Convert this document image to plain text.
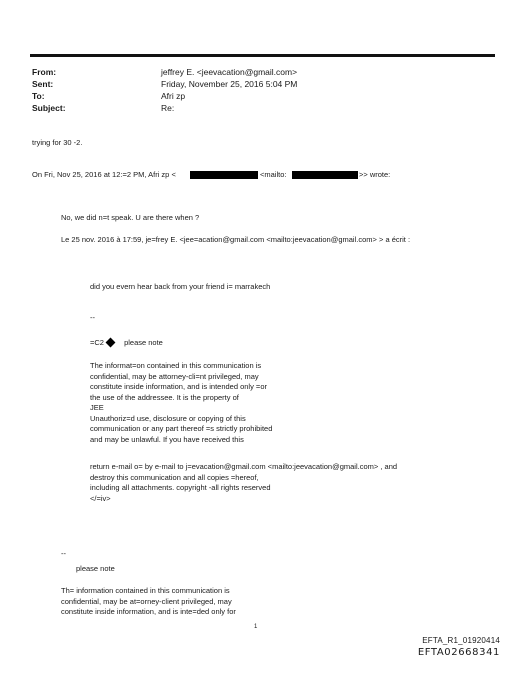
From:	jeffrey E. <jeevacation@gmail.com>
Sent:	Friday, November 25, 2016 5:04 PM
To:	Afri zp
Subject:	Re:
trying for 30 -2.
On Fri, Nov 25, 2016 at 12:=2 PM, Afri zp <	<mailto:	>> wrote:
No, we did n=t speak. U are there when ?
Le 25 nov. 2016 à 17:59, je=frey E. <jee=acation@gmail.com <mailto:jeevacation@gmail.com> > a écrit :
did you evern hear back from your friend i= marrakech
--
=C2	please note
The informat=on contained in this communication is
confidential, may be attorney-cli=nt privileged, may
constitute inside information, and is intended only =or
the use of the addressee. It is the property of
JEE
Unauthoriz=d use, disclosure or copying of this
communication or any part thereof =s strictly prohibited
and may be unlawful. If you have received this
return e-mail o= by e-mail to j=evacation@gmail.com <mailto:jeevacation@gmail.com> , and
destroy this communication and all copies =hereof,
including all attachments. copyright -all rights reserved
</=iv>
--
please note
Th= information contained in this communication is
confidential, may be at=orney-client privileged, may
constitute inside information, and is inte=ded only for
1
EFTA_R1_01920414
EFTA02668341
